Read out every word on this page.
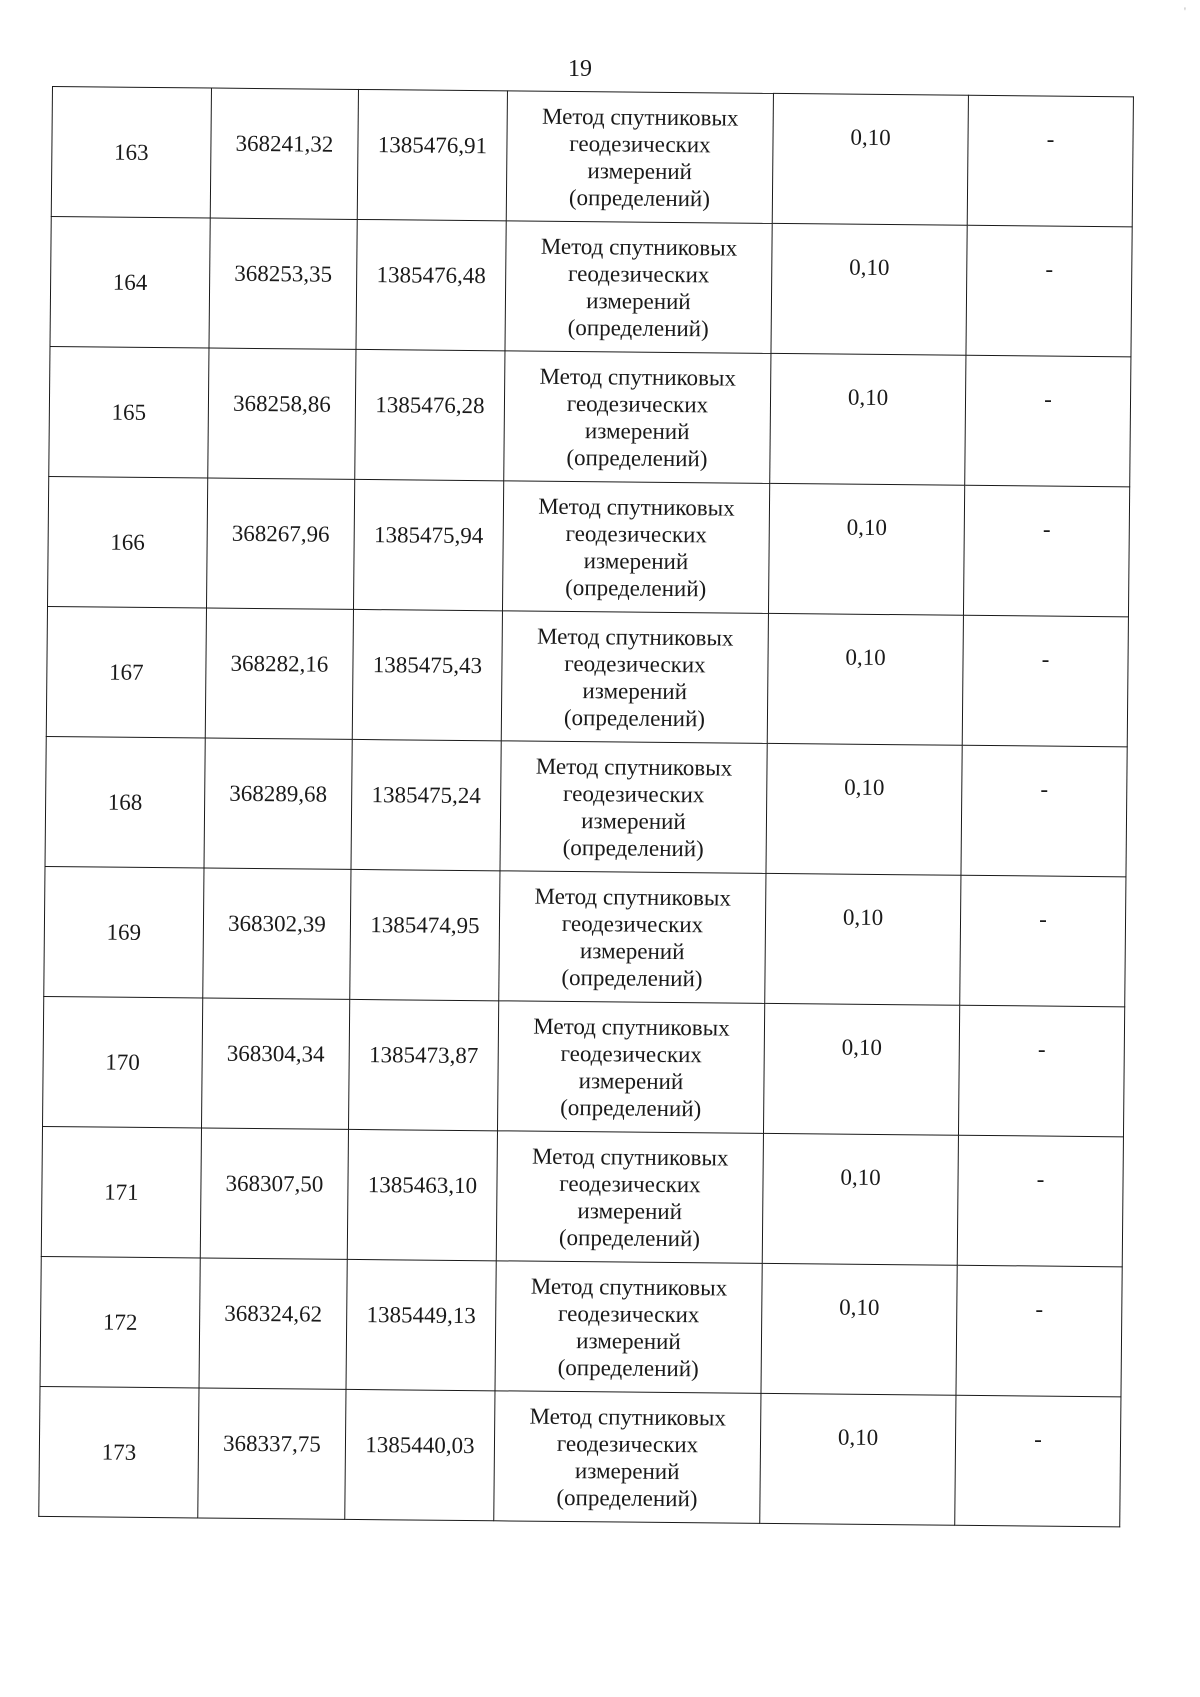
19
'
163	368241,32	1385476,91	Метод спутниковых
геодезических
измерений
(определений)	0,10	-
164	368253,35	1385476,48	Метод спутниковых
геодезических
измерений
(определений)	0,10	-
165	368258,86	1385476,28	Метод спутниковых
геодезических
измерений
(определений)	0,10	-
166	368267,96	1385475,94	Метод спутниковых
геодезических
измерений
(определений)	0,10	-
167	368282,16	1385475,43	Метод спутниковых
геодезических
измерений
(определений)	0,10	-
168	368289,68	1385475,24	Метод спутниковых
геодезических
измерений
(определений)	0,10	-
169	368302,39	1385474,95	Метод спутниковых
геодезических
измерений
(определений)	0,10	-
170	368304,34	1385473,87	Метод спутниковых
геодезических
измерений
(определений)	0,10	-
171	368307,50	1385463,10	Метод спутниковых
геодезических
измерений
(определений)	0,10	-
172	368324,62	1385449,13	Метод спутниковых
геодезических
измерений
(определений)	0,10	-
173	368337,75	1385440,03	Метод спутниковых
геодезических
измерений
(определений)	0,10	-
